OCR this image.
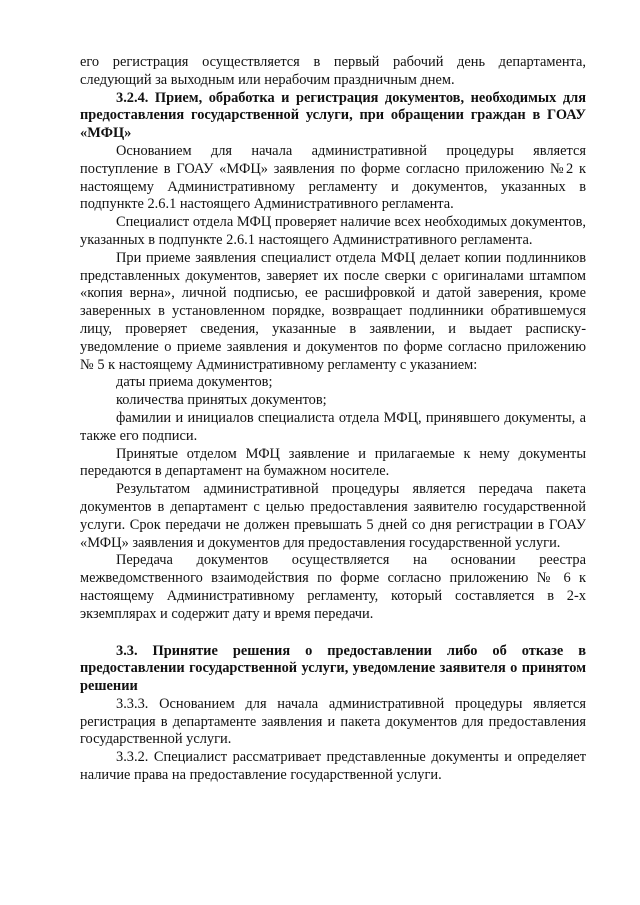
его регистрация осуществляется в первый рабочий день департамента, следующий за выходным или нерабочим праздничным днем.

3.2.4. Прием, обработка и регистрация документов, необходимых для предоставления государственной услуги, при обращении граждан в ГОАУ «МФЦ»

Основанием для начала административной процедуры является поступление в ГОАУ «МФЦ» заявления по форме согласно приложению №2 к настоящему Административному регламенту и документов, указанных в подпункте 2.6.1 настоящего Административного регламента.

Специалист отдела МФЦ проверяет наличие всех необходимых документов, указанных в подпункте 2.6.1 настоящего Административного регламента.

При приеме заявления специалист отдела МФЦ делает копии подлинников представленных документов, заверяет их после сверки с оригиналами штампом «копия верна», личной подписью, ее расшифровкой и датой заверения, кроме заверенных в установленном порядке, возвращает подлинники обратившемуся лицу, проверяет сведения, указанные в заявлении, и выдает расписку-уведомление о приеме заявления и документов по форме согласно приложению № 5 к настоящему Административному регламенту с указанием:

даты приема документов;

количества принятых документов;

фамилии и инициалов специалиста отдела МФЦ, принявшего документы, а также его подписи.

Принятые отделом МФЦ заявление и прилагаемые к нему документы передаются в департамент на бумажном носителе.

Результатом административной процедуры является передача пакета документов в департамент с целью предоставления заявителю государственной услуги. Срок передачи не должен превышать 5 дней со дня регистрации в ГОАУ «МФЦ» заявления и документов для предоставления государственной услуги.

Передача документов осуществляется на основании реестра межведомственного взаимодействия по форме согласно приложению № 6 к настоящему Административному регламенту, который составляется в 2-х экземплярах и содержит дату и время передачи.

3.3. Принятие решения о предоставлении либо об отказе в предоставлении государственной услуги, уведомление заявителя о принятом решении

3.3.3. Основанием для начала административной процедуры является регистрация в департаменте заявления и пакета документов для предоставления государственной услуги.

3.3.2. Специалист рассматривает представленные документы и определяет наличие права на предоставление государственной услуги.
